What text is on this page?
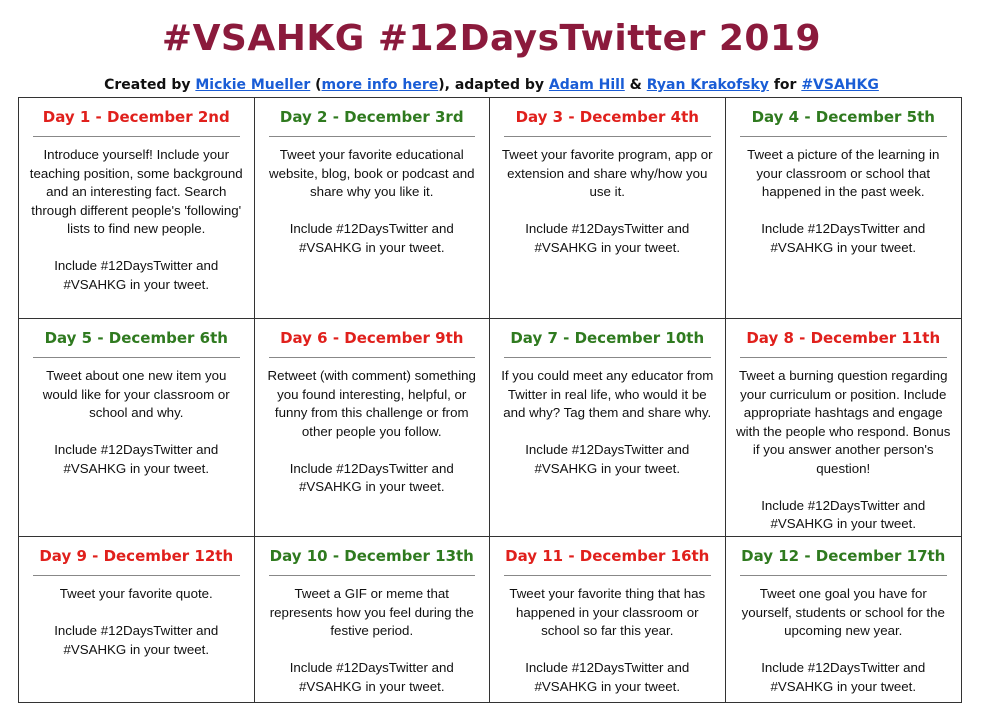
#VSAHKG #12DaysTwitter 2019
Created by Mickie Mueller (more info here), adapted by Adam Hill & Ryan Krakofsky for #VSAHKG
Day 1 - December 2nd

Introduce yourself! Include your teaching position, some background and an interesting fact. Search through different people's 'following' lists to find new people.

Include #12DaysTwitter and #VSAHKG in your tweet.

Day 2 - December 3rd

Tweet your favorite educational website, blog, book or podcast and share why you like it.

Include #12DaysTwitter and #VSAHKG in your tweet.

Day 3 - December 4th

Tweet your favorite program, app or extension and share why/how you use it.

Include #12DaysTwitter and #VSAHKG in your tweet.

Day 4 - December 5th

Tweet a picture of the learning in your classroom or school that happened in the past week.

Include #12DaysTwitter and #VSAHKG in your tweet.

Day 5 - December 6th

Tweet about one new item you would like for your classroom or school and why.

Include #12DaysTwitter and #VSAHKG in your tweet.

Day 6 - December 9th

Retweet (with comment) something you found interesting, helpful, or funny from this challenge or from other people you follow.

Include #12DaysTwitter and #VSAHKG in your tweet.

Day 7 - December 10th

If you could meet any educator from Twitter in real life, who would it be and why? Tag them and share why.

Include #12DaysTwitter and #VSAHKG in your tweet.

Day 8 - December 11th

Tweet a burning question regarding your curriculum or position. Include appropriate hashtags and engage with the people who respond. Bonus if you answer another person's question!

Include #12DaysTwitter and #VSAHKG in your tweet.

Day 9 - December 12th

Tweet your favorite quote.

Include #12DaysTwitter and #VSAHKG in your tweet.

Day 10 - December 13th

Tweet a GIF or meme that represents how you feel during the festive period.

Include #12DaysTwitter and #VSAHKG in your tweet.

Day 11 - December 16th

Tweet your favorite thing that has happened in your classroom or school so far this year.

Include #12DaysTwitter and #VSAHKG in your tweet.

Day 12 - December 17th

Tweet one goal you have for yourself, students or school for the upcoming new year.

Include #12DaysTwitter and #VSAHKG in your tweet.
